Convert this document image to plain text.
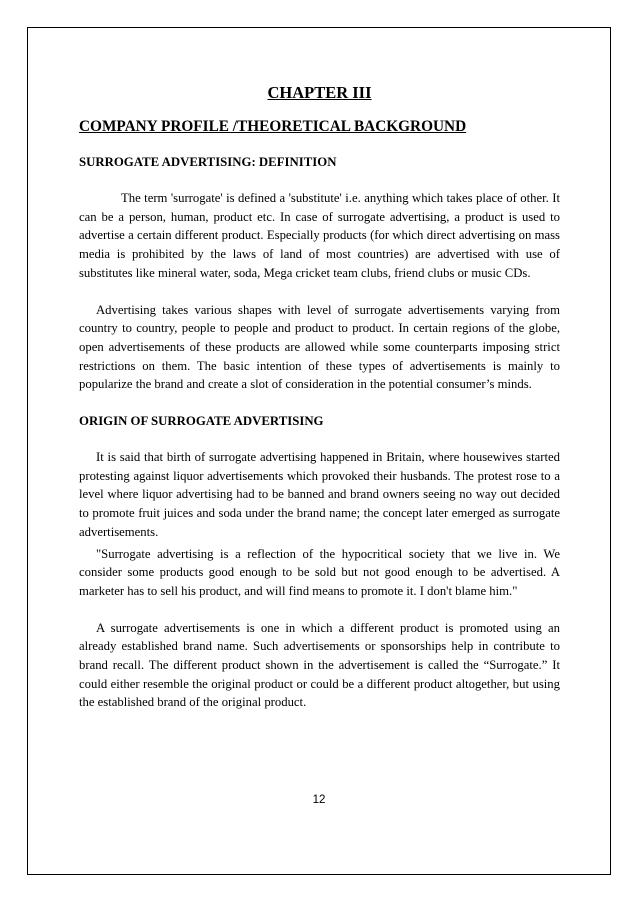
CHAPTER III
COMPANY PROFILE /THEORETICAL BACKGROUND
SURROGATE ADVERTISING: DEFINITION

The term 'surrogate' is defined a 'substitute' i.e. anything which takes place of other. It can be a person, human, product etc. In case of surrogate advertising, a product is used to advertise a certain different product. Especially products (for which direct advertising on mass media is prohibited by the laws of land of most countries) are advertised with use of substitutes like mineral water, soda, Mega cricket team clubs, friend clubs or music CDs.

Advertising takes various shapes with level of surrogate advertisements varying from country to country, people to people and product to product. In certain regions of the globe, open advertisements of these products are allowed while some counterparts imposing strict restrictions on them. The basic intention of these types of advertisements is mainly to popularize the brand and create a slot of consideration in the potential consumer’s minds.

ORIGIN OF SURROGATE ADVERTISING

It is said that birth of surrogate advertising happened in Britain, where housewives started protesting against liquor advertisements which provoked their husbands. The protest rose to a level where liquor advertising had to be banned and brand owners seeing no way out decided to promote fruit juices and soda under the brand name; the concept later emerged as surrogate advertisements.

"Surrogate advertising is a reflection of the hypocritical society that we live in. We consider some products good enough to be sold but not good enough to be advertised. A marketer has to sell his product, and will find means to promote it. I don't blame him."

A surrogate advertisements is one in which a different product is promoted using an already established brand name. Such advertisements or sponsorships help in contribute to brand recall. The different product shown in the advertisement is called the “Surrogate.” It could either resemble the original product or could be a different product altogether, but using the established brand of the original product.

12
